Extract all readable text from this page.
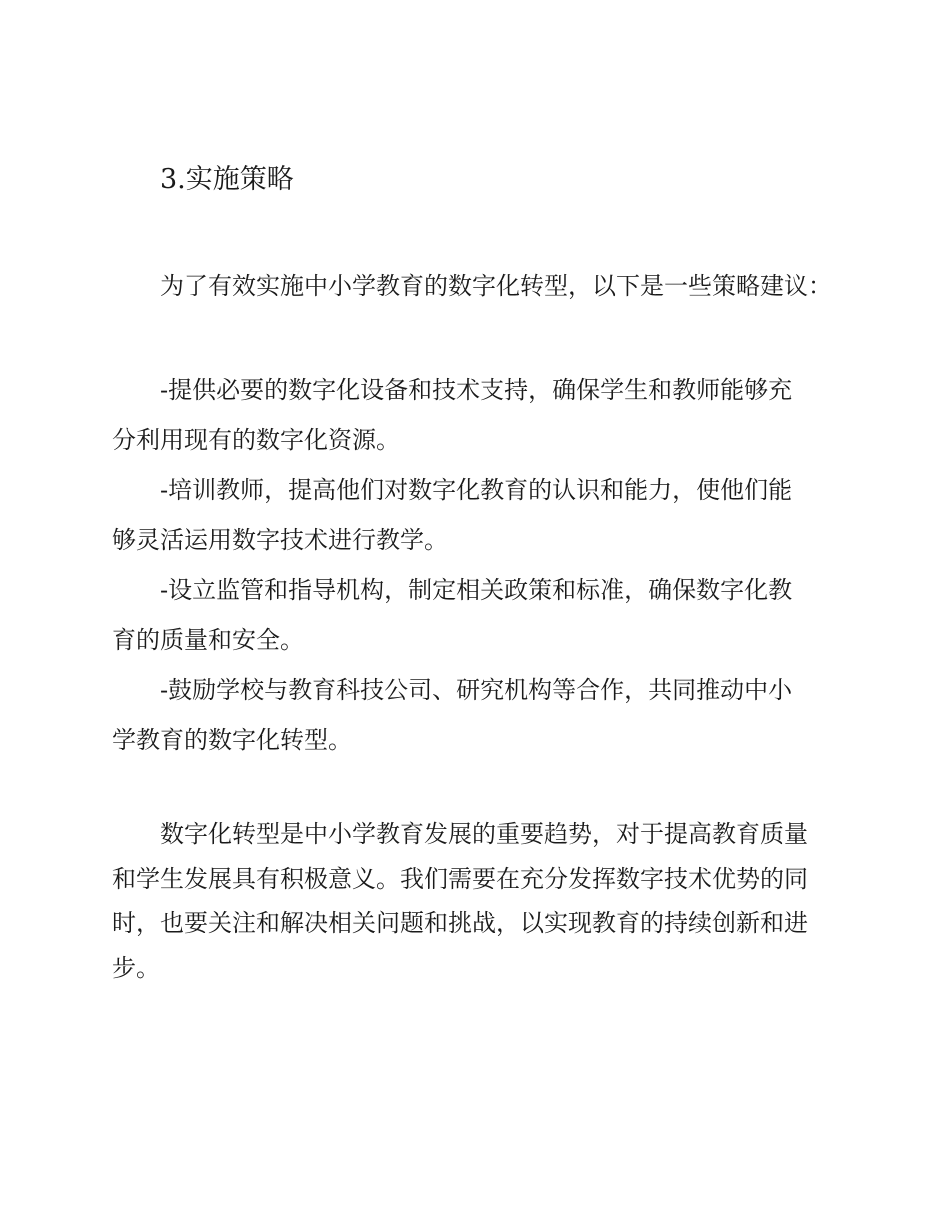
3.实施策略

为了有效实施中小学教育的数字化转型，以下是一些策略建议：

-提供必要的数字化设备和技术支持，确保学生和教师能够充
分利用现有的数字化资源。
-培训教师，提高他们对数字化教育的认识和能力，使他们能
够灵活运用数字技术进行教学。
-设立监管和指导机构，制定相关政策和标准，确保数字化教
育的质量和安全。
-鼓励学校与教育科技公司、研究机构等合作，共同推动中小
学教育的数字化转型。

数字化转型是中小学教育发展的重要趋势，对于提高教育质量
和学生发展具有积极意义。我们需要在充分发挥数字技术优势的同
时，也要关注和解决相关问题和挑战，以实现教育的持续创新和进
步。
